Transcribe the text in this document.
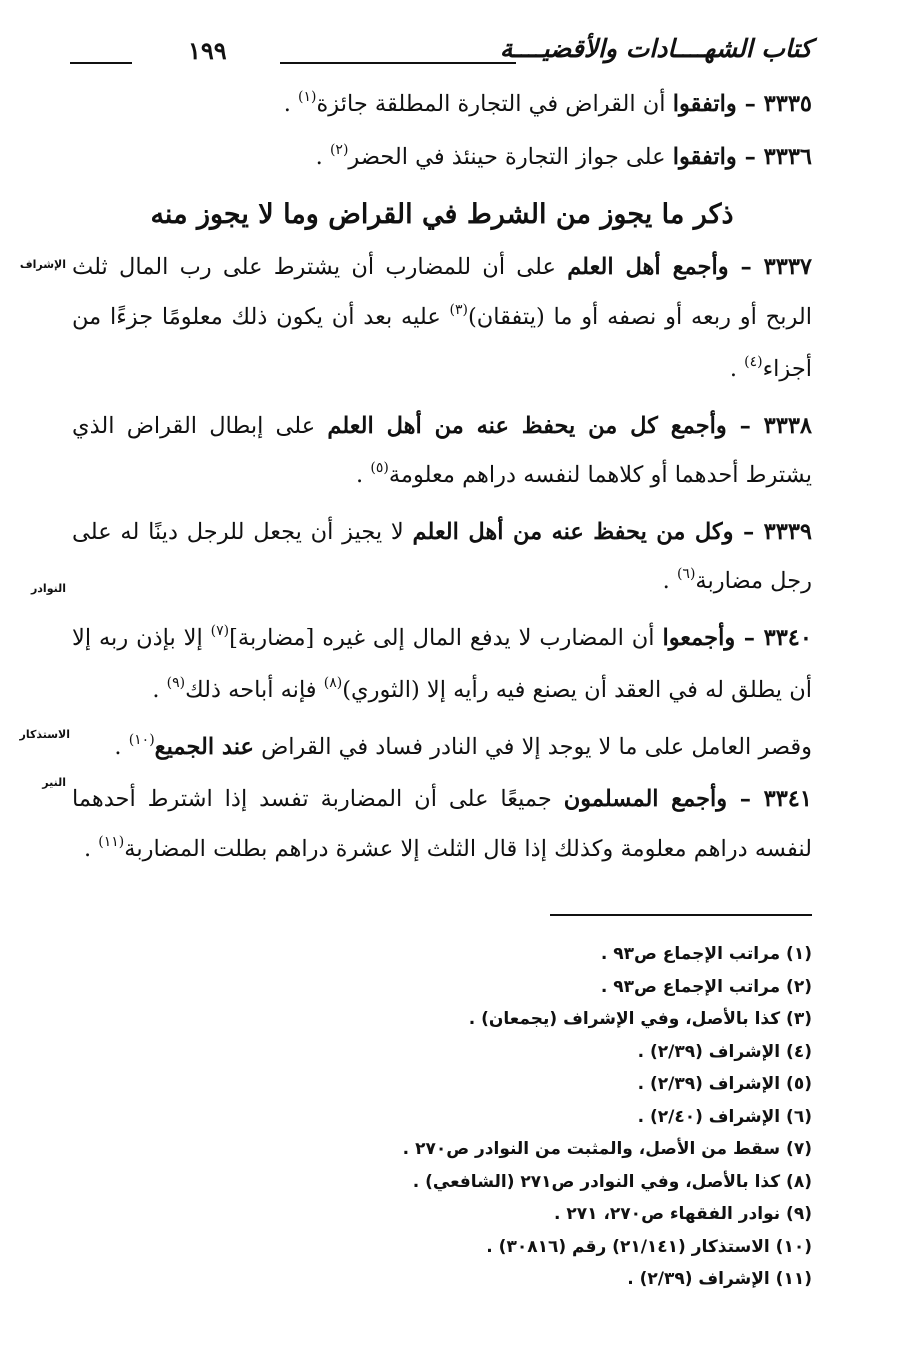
كتاب الشهــــادات والأقضيــــة
١٩٩

٣٣٣٥ – واتفقوا أن القراض في التجارة المطلقة جائزة$^{(١)}$ .

٣٣٣٦ – واتفقوا على جواز التجارة حينئذ في الحضر$^{(٢)}$ .

ذكر ما يجوز من الشرط في القراض وما لا يجوز منه

٣٣٣٧ – وأجمع أهل العلم على أن للمضارب أن يشترط على رب المال ثلث الربح أو ربعه أو نصفه أو ما (يتفقان)$^{(٣)}$ عليه بعد أن يكون ذلك معلومًا جزءًا من أجزاء$^{(٤)}$ .

٣٣٣٨ – وأجمع كل من يحفظ عنه من أهل العلم على إبطال القراض الذي يشترط أحدهما أو كلاهما لنفسه دراهم معلومة$^{(٥)}$ .

٣٣٣٩ – وكل من يحفظ عنه من أهل العلم لا يجيز أن يجعل للرجل دينًا له على رجل مضاربة$^{(٦)}$ .

٣٣٤٠ – وأجمعوا أن المضارب لا يدفع المال إلى غيره [مضاربة]$^{(٧)}$ إلا بإذن ربه إلا أن يطلق له في العقد أن يصنع فيه رأيه إلا (الثوري)$^{(٨)}$ فإنه أباحه ذلك$^{(٩)}$ .

وقصر العامل على ما لا يوجد إلا في النادر فساد في القراض عند الجميع$^{(١٠)}$ .

٣٣٤١ – وأجمع المسلمون جميعًا على أن المضاربة تفسد إذا اشترط أحدهما لنفسه دراهم معلومة وكذلك إذا قال الثلث إلا عشرة دراهم بطلت المضاربة$^{(١١)}$ .

الإشراف
النوادر
الاستذكار
النير

(١) مراتب الإجماع ص٩٣ .

(٢) مراتب الإجماع ص٩٣ .

(٣) كذا بالأصل، وفي الإشراف (يجمعان) .

(٤) الإشراف (٢/٣٩) .

(٥) الإشراف (٢/٣٩) .

(٦) الإشراف (٢/٤٠) .

(٧) سقط من الأصل، والمثبت من النوادر ص٢٧٠ .

(٨) كذا بالأصل، وفي النوادر ص٢٧١ (الشافعي) .

(٩) نوادر الفقهاء ص٢٧٠، ٢٧١ .

(١٠) الاستذكار (٢١/١٤١) رقم (٣٠٨١٦) .

(١١) الإشراف (٢/٣٩) .
